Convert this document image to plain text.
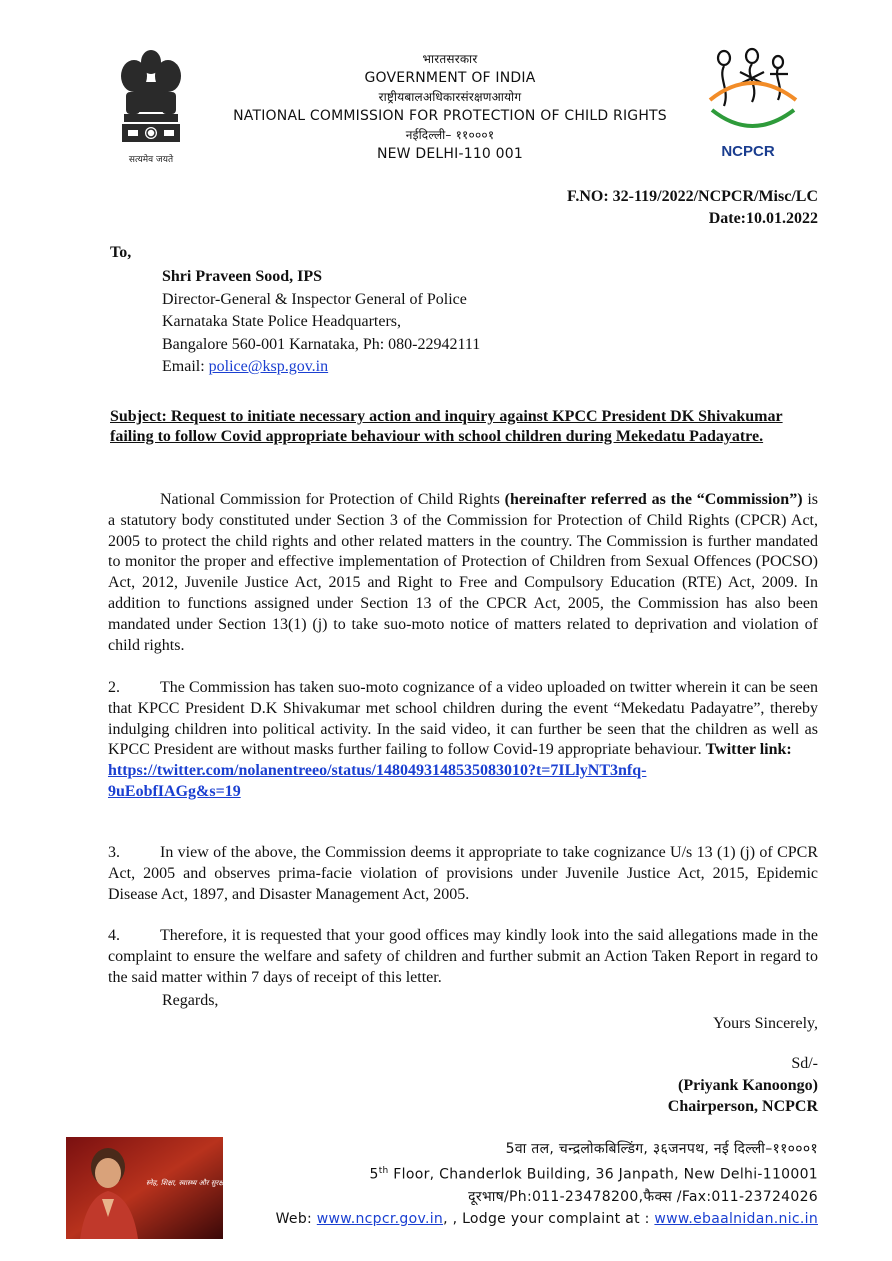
सत्यमेव जयते
भारतसरकार
GOVERNMENT OF INDIA
राष्ट्रीयबालअधिकारसंरक्षणआयोग
NATIONAL COMMISSION FOR PROTECTION OF CHILD RIGHTS
नईदिल्ली– ११०००१
NEW DELHI-110 001	NCPCR
F.NO: 32-119/2022/NCPCR/Misc/LC
Date:10.01.2022
To,
Shri Praveen Sood, IPS
Director-General & Inspector General of Police
Karnataka State Police Headquarters,
Bangalore 560-001 Karnataka, Ph: 080-22942111
Email: police@ksp.gov.in
Subject: Request to initiate necessary action and inquiry against KPCC President DK Shivakumar failing to follow Covid appropriate behaviour with school children during Mekedatu Padayatre.
National Commission for Protection of Child Rights (hereinafter referred as the “Commission”) is a statutory body constituted under Section 3 of the Commission for Protection of Child Rights (CPCR) Act, 2005 to protect the child rights and other related matters in the country. The Commission is further mandated to monitor the proper and effective implementation of Protection of Children from Sexual Offences (POCSO) Act, 2012, Juvenile Justice Act, 2015 and Right to Free and Compulsory Education (RTE) Act, 2009. In addition to functions assigned under Section 13 of the CPCR Act, 2005, the Commission has also been mandated under Section 13(1) (j) to take suo-moto notice of matters related to deprivation and violation of child rights.
2.	The Commission has taken suo-moto cognizance of a video uploaded on twitter wherein it can be seen that KPCC President D.K Shivakumar met school children during the event “Mekedatu Padayatre”, thereby indulging children into political activity. In the said video, it can further be seen that the children as well as KPCC President are without masks further failing to follow Covid-19 appropriate behaviour. Twitter link:
https://twitter.com/nolanentreeo/status/1480493148535083010?t=7ILlyNT3nfq-
9uEobfIAGg&s=19
3.	In view of the above, the Commission deems it appropriate to take cognizance U/s 13 (1) (j) of CPCR Act, 2005 and observes prima-facie violation of provisions under Juvenile Justice Act, 2015, Epidemic Disease Act, 1897, and Disaster Management Act, 2005.
4.	Therefore, it is requested that your good offices may kindly look into the said allegations made in the complaint to ensure the welfare and safety of children and further submit an Action Taken Report in regard to the said matter within 7 days of receipt of this letter.
Regards,
Yours Sincerely,
Sd/-
(Priyank Kanoongo)
Chairperson, NCPCR
स्नेह, शिक्षा, स्वास्थ्य और सुरक्षा करो बालपन की रक्षा
5वा तल, चन्द्रलोकबिल्डिंग, ३६जनपथ, नई दिल्ली–११०००१
5th Floor, Chanderlok Building, 36 Janpath, New Delhi-110001
दूरभाष/Ph:011-23478200,फैक्स /Fax:011-23724026
Web: www.ncpcr.gov.in, , Lodge your complaint at : www.ebaalnidan.nic.in
